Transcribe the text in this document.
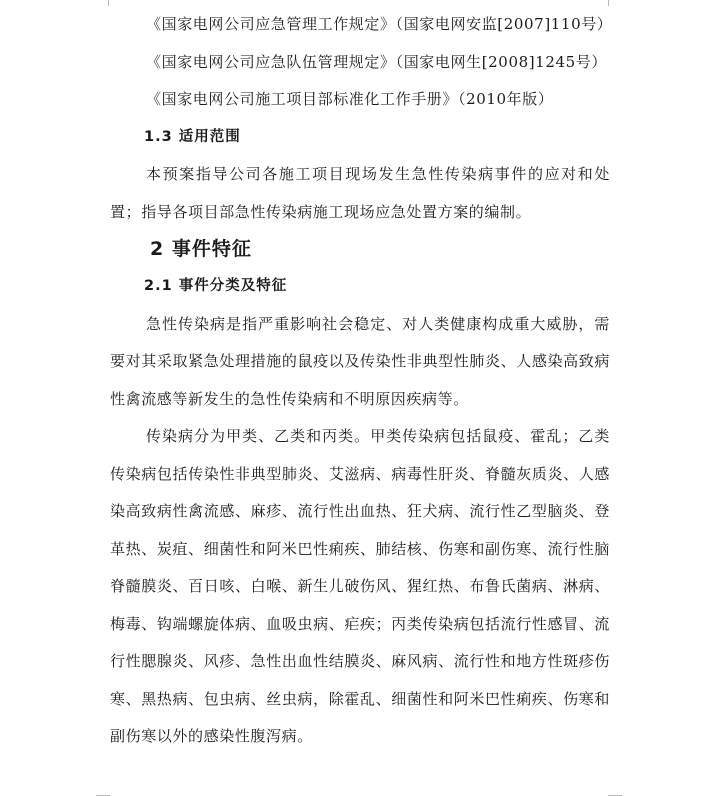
《国家电网公司应急管理工作规定》（国家电网安监[2007]110号）

《国家电网公司应急队伍管理规定》（国家电网生[2008]1245号）

《国家电网公司施工项目部标准化工作手册》（2010年版）

1.3 适用范围

本预案指导公司各施工项目现场发生急性传染病事件的应对和处置；指导各项目部急性传染病施工现场应急处置方案的编制。

2 事件特征
2.1 事件分类及特征

急性传染病是指严重影响社会稳定、对人类健康构成重大威胁，需要对其采取紧急处理措施的鼠疫以及传染性非典型性肺炎、人感染高致病性禽流感等新发生的急性传染病和不明原因疾病等。

传染病分为甲类、乙类和丙类。甲类传染病包括鼠疫、霍乱；乙类传染病包括传染性非典型肺炎、艾滋病、病毒性肝炎、脊髓灰质炎、人感染高致病性禽流感、麻疹、流行性出血热、狂犬病、流行性乙型脑炎、登革热、炭疽、细菌性和阿米巴性痢疾、肺结核、伤寒和副伤寒、流行性脑脊髓膜炎、百日咳、白喉、新生儿破伤风、猩红热、布鲁氏菌病、淋病、梅毒、钩端螺旋体病、血吸虫病、疟疾；丙类传染病包括流行性感冒、流行性腮腺炎、风疹、急性出血性结膜炎、麻风病、流行性和地方性斑疹伤寒、黑热病、包虫病、丝虫病，除霍乱、细菌性和阿米巴性痢疾、伤寒和副伤寒以外的感染性腹泻病。
